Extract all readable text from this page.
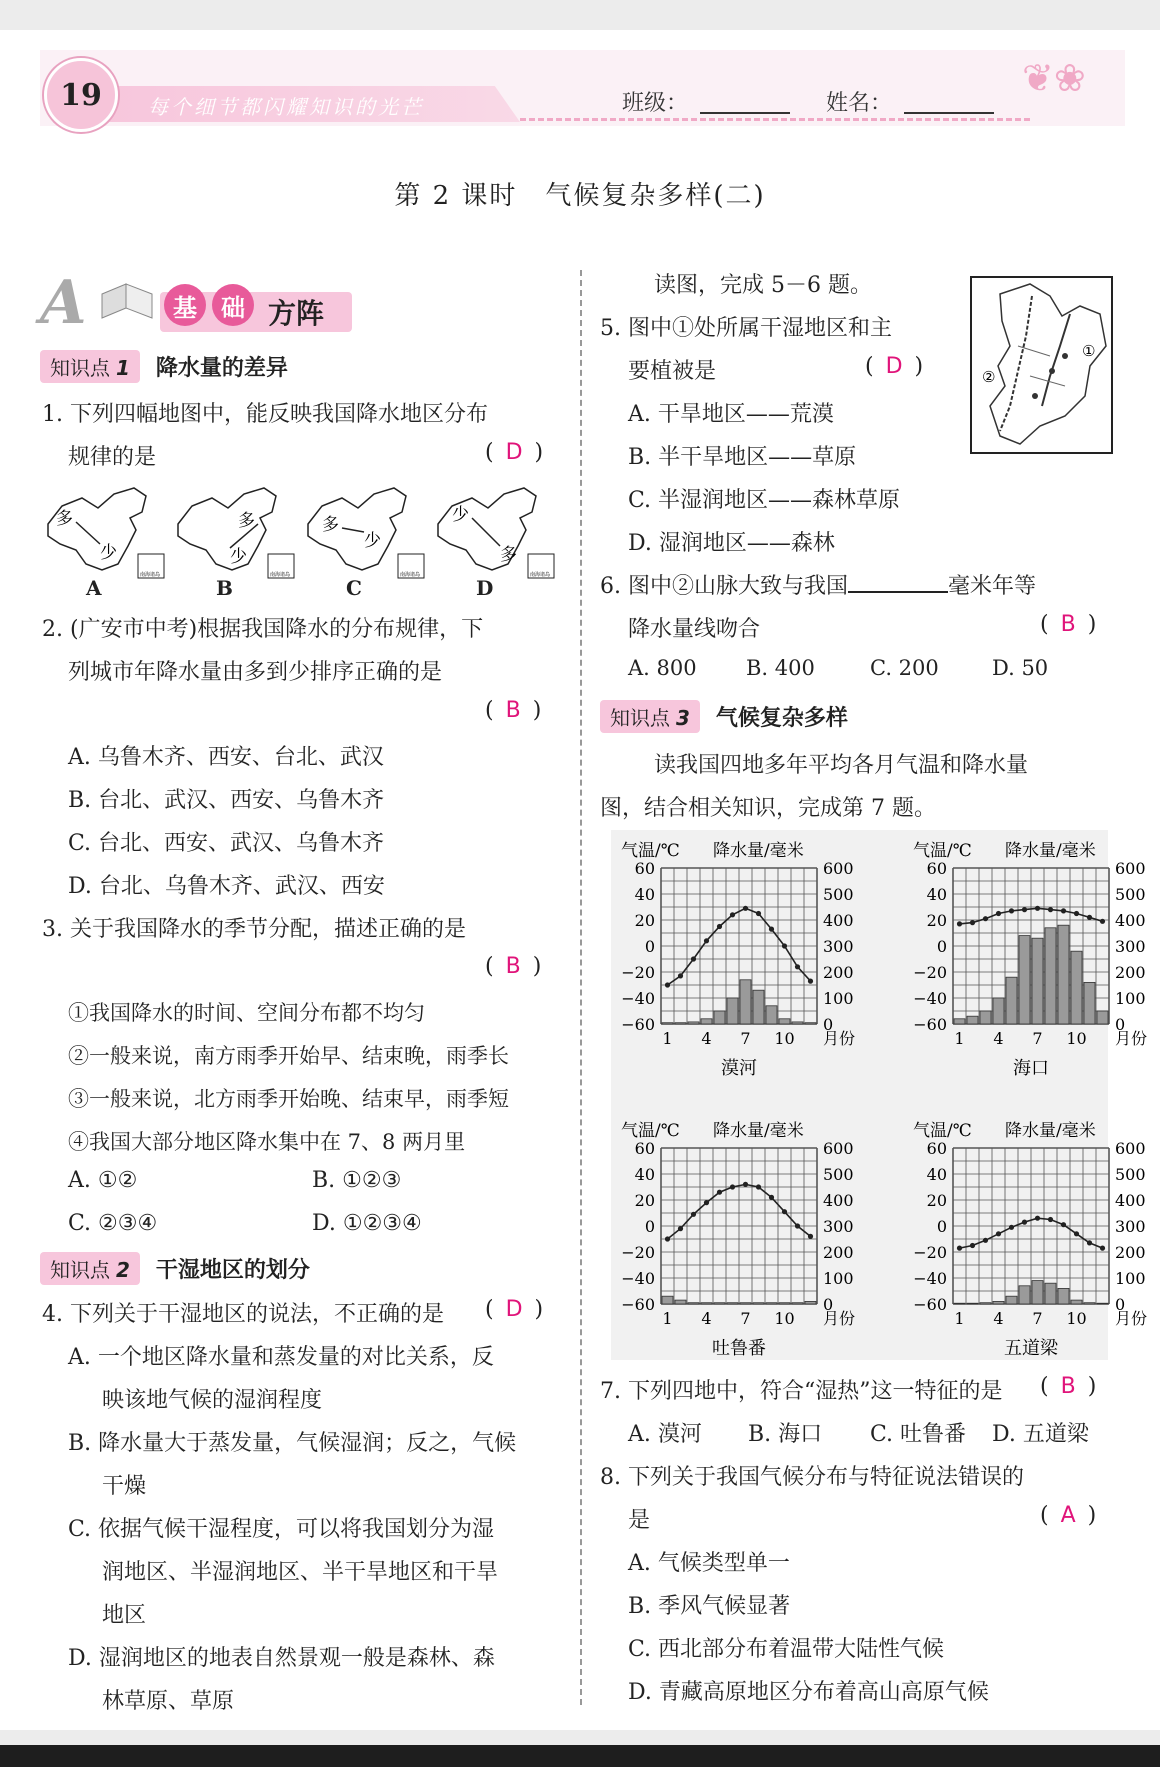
每个细节都闪耀知识的光芒
19	班级：	姓名：
❦❀
第 2 课时　气候复杂多样(二)
A	基	础 方阵
知识点 1	降水量的差异
1. 下列四幅地图中，能反映我国降水地区分布
规律的是	( D )
南海诸岛
多
少
A
南海诸岛
多
少
B
南海诸岛
多
少
C
南海诸岛
少
多
D
2. (广安市中考)根据我国降水的分布规律，下
列城市年降水量由多到少排序正确的是
( B )
A. 乌鲁木齐、西安、台北、武汉
B. 台北、武汉、西安、乌鲁木齐
C. 台北、西安、武汉、乌鲁木齐
D. 台北、乌鲁木齐、武汉、西安
3. 关于我国降水的季节分配，描述正确的是
( B )
①我国降水的时间、空间分布都不均匀
②一般来说，南方雨季开始早、结束晚，雨季长
③一般来说，北方雨季开始晚、结束早，雨季短
④我国大部分地区降水集中在 7、8 两月里
A. ①②	B. ①②③
C. ②③④	D. ①②③④
知识点 2	干湿地区的划分
4. 下列关于干湿地区的说法，不正确的是 ( D )
A. 一个地区降水量和蒸发量的对比关系，反
映该地气候的湿润程度
B. 降水量大于蒸发量，气候湿润；反之，气候
干燥
C. 依据气候干湿程度，可以将我国划分为湿
润地区、半湿润地区、半干旱地区和干旱
地区
D. 湿润地区的地表自然景观一般是森林、森
林草原、草原
读图，完成 5－6 题。
5. 图中①处所属干湿地区和主
要植被是	( D )
A. 干旱地区——荒漠
B. 半干旱地区——草原
C. 半湿润地区——森林草原
D. 湿润地区——森林
①
②
6. 图中②山脉大致与我国	毫米年等
降水量线吻合	( B )
A. 800 B. 400	C. 200	D. 50
知识点 3	气候复杂多样
读我国四地多年平均各月气温和降水量
图，结合相关知识，完成第 7 题。
气温/℃ 降水量/毫米
60
40
20
0
−20
−40
−60
600
500
400
300
200
100
0
1 4 7 10 月份
漠河
气温/℃ 降水量/毫米
60
40
20
0
−20
−40
−60
600
500
400
300
200
100
0
1 4 7 10 月份
海口
气温/℃ 降水量/毫米
60
40
20
0
−20
−40
−60
600
500
400
300
200
100
0
1 4 7 10 月份
吐鲁番
气温/℃ 降水量/毫米
60
40
20
0
−20
−40
−60
600
500
400
300
200
100
0
1 4 7 10 月份
五道梁
7. 下列四地中，符合“湿热”这一特征的是 ( B )
A. 漠河 B. 海口 C. 吐鲁番 D. 五道梁
8. 下列关于我国气候分布与特征说法错误的
是	( A )
A. 气候类型单一
B. 季风气候显著
C. 西北部分布着温带大陆性气候
D. 青藏高原地区分布着高山高原气候
